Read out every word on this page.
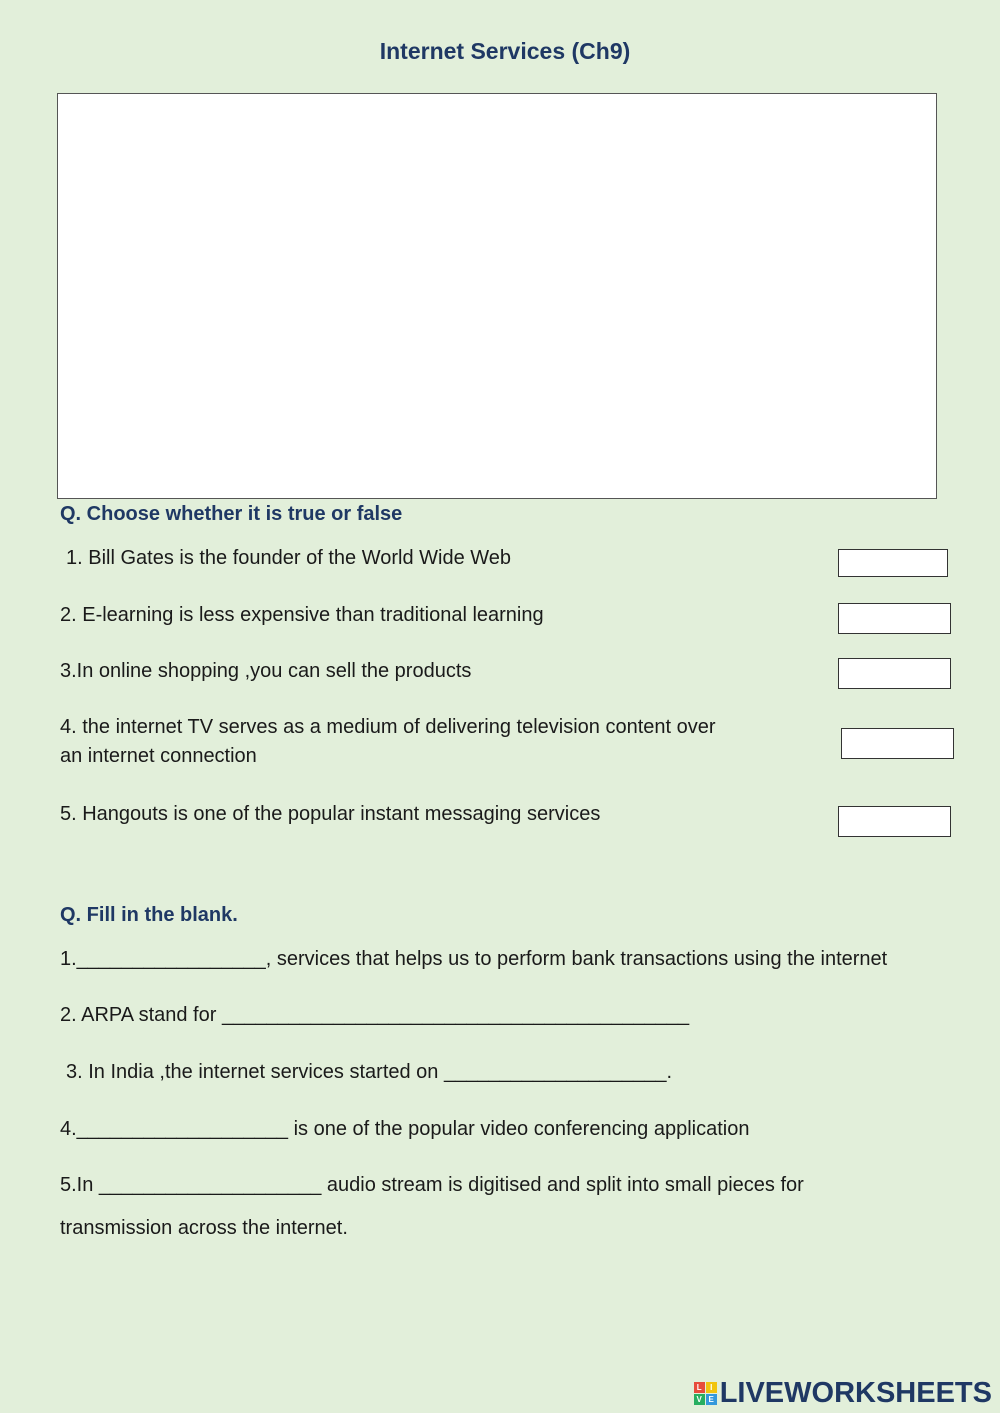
Internet Services (Ch9)
Q. Choose whether it is true or false
1. Bill Gates is the founder of the World Wide Web
2. E-learning is less expensive than traditional learning
3.In online shopping ,you can sell the products
4. the internet TV serves as a medium of delivering television content over
an internet connection
5. Hangouts is one of the popular instant messaging services
Q. Fill in the blank.
1._________________, services that helps us to perform bank transactions using the internet
2. ARPA stand for __________________________________________
3. In India ,the internet services started on ____________________.
4.___________________ is one of the popular video conferencing application
5.In ____________________ audio stream is digitised and split into small pieces for
transmission across the internet.
L	I
V E LIVEWORKSHEETS
